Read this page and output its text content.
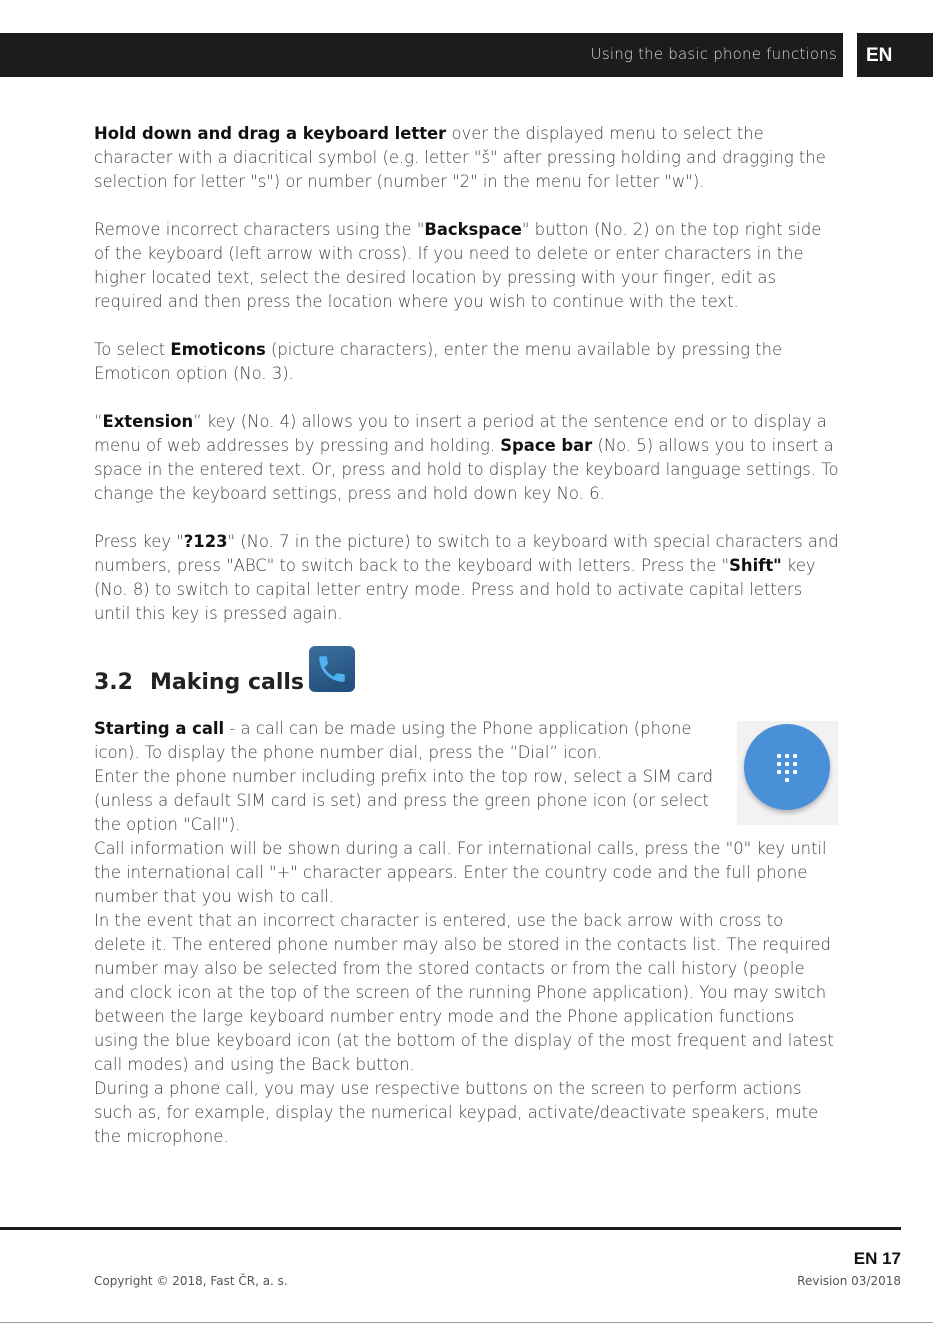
Using the basic phone functions EN

Hold down and drag a keyboard letter over the displayed menu to select the character with a diacritical symbol (e.g. letter "š" after pressing holding and dragging the selection for letter "s") or number (number "2" in the menu for letter "w").

Remove incorrect characters using the "Backspace" button (No. 2) on the top right side of the keyboard (left arrow with cross). If you need to delete or enter characters in the higher located text, select the desired location by pressing with your finger, edit as required and then press the location where you wish to continue with the text.

To select Emoticons (picture characters), enter the menu available by pressing the Emoticon option (No. 3).

“Extension” key (No. 4) allows you to insert a period at the sentence end or to display a menu of web addresses by pressing and holding. Space bar (No. 5) allows you to insert a space in the entered text. Or, press and hold to display the keyboard language settings. To change the keyboard settings, press and hold down key No. 6.

Press key "?123" (No. 7 in the picture) to switch to a keyboard with special characters and numbers, press "ABC" to switch back to the keyboard with letters. Press the "Shift" key (No. 8) to switch to capital letter entry mode. Press and hold to activate capital letters until this key is pressed again.

3.2 Making calls

Starting a call - a call can be made using the Phone application (phone icon). To display the phone number dial, press the “Dial” icon.

Enter the phone number including prefix into the top row, select a SIM card (unless a default SIM card is set) and press the green phone icon (or select the option "Call").

Call information will be shown during a call. For international calls, press the "0" key until the international call "+" character appears. Enter the country code and the full phone number that you wish to call.

In the event that an incorrect character is entered, use the back arrow with cross to delete it. The entered phone number may also be stored in the contacts list. The required number may also be selected from the stored contacts or from the call history (people and clock icon at the top of the screen of the running Phone application). You may switch between the large keyboard number entry mode and the Phone application functions using the blue keyboard icon (at the bottom of the display of the most frequent and latest call modes) and using the Back button.

During a phone call, you may use respective buttons on the screen to perform actions such as, for example, display the numerical keypad, activate/deactivate speakers, mute the microphone.

EN 17
Copyright © 2018, Fast ČR, a. s.	Revision 03/2018
